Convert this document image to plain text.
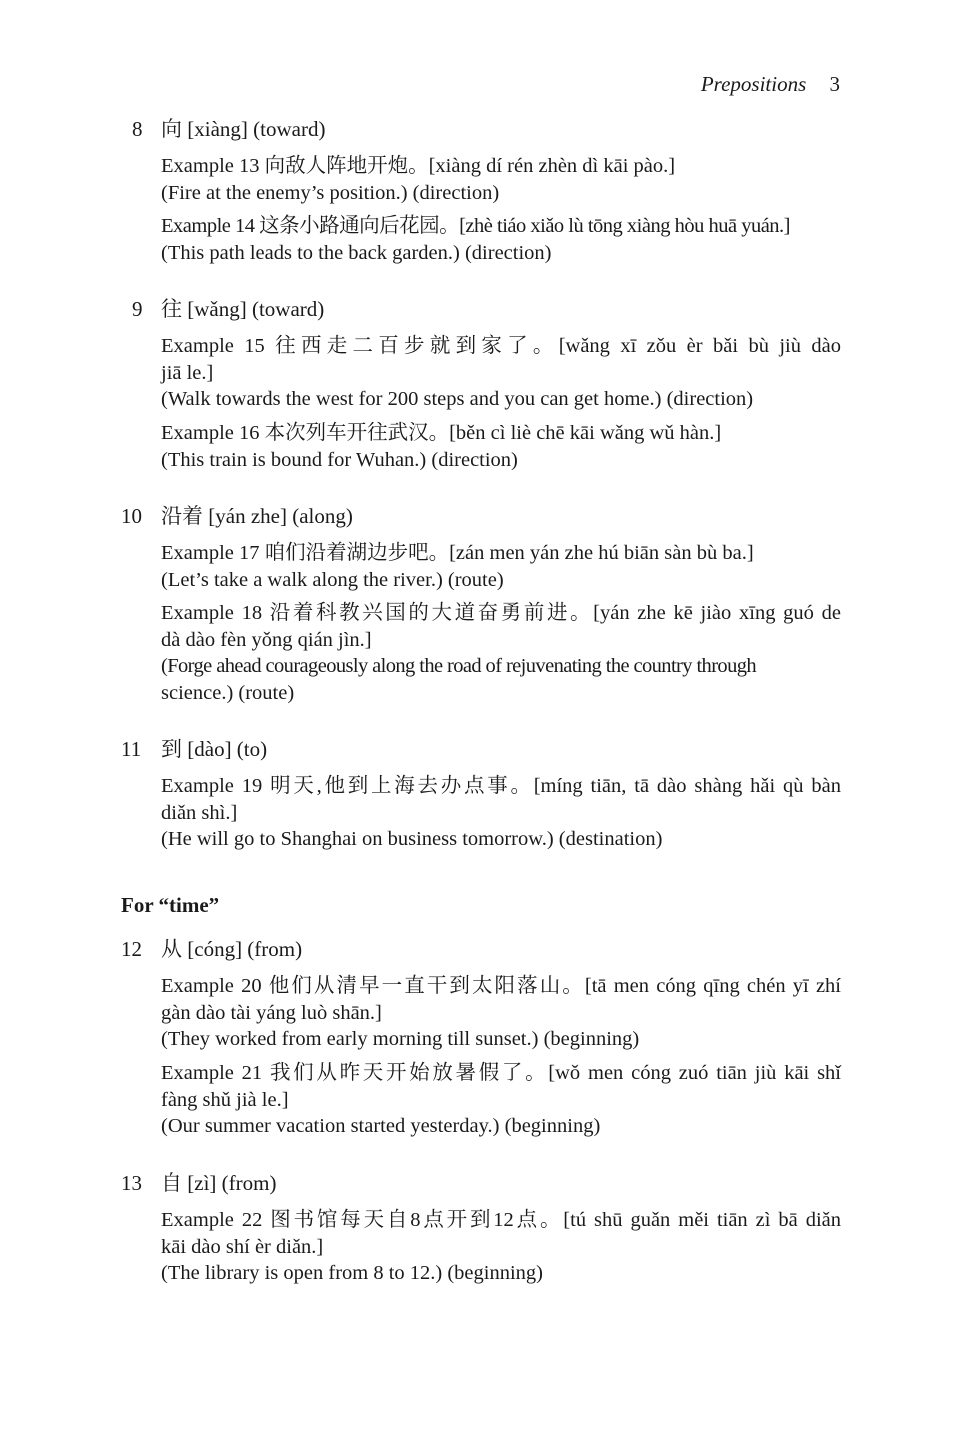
Prepositions 3
8 向 [xiàng] (toward)
Example 13 向敌人阵地开炮。[xiàng dí rén zhèn dì kāi pào.]
(Fire at the enemy’s position.) (direction)
Example 14 这条小路通向后花园。[zhè tiáo xiǎo lù tōng xiàng hòu huā yuán.]
(This path leads to the back garden.) (direction)
9 往 [wǎng] (toward)
Example 15 往西走二百步就到家了。[wǎng xī zǒu èr bǎi bù jiù dào
jiā le.]
(Walk towards the west for 200 steps and you can get home.) (direction)
Example 16 本次列车开往武汉。[běn cì liè chē kāi wǎng wǔ hàn.]
(This train is bound for Wuhan.) (direction)
10 沿着 [yán zhe] (along)
Example 17 咱们沿着湖边步吧。[zán men yán zhe hú biān sàn bù ba.]
(Let’s take a walk along the river.) (route)
Example 18 沿着科教兴国的大道奋勇前进。[yán zhe kē jiào xīng guó de
dà dào fèn yǒng qián jìn.]
(Forge ahead courageously along the road of rejuvenating the country through
science.) (route)
11 到 [dào] (to)
Example 19 明天,他到上海去办点事。[míng tiān, tā dào shàng hǎi qù bàn
diǎn shì.]
(He will go to Shanghai on business tomorrow.) (destination)
For “time”
12 从 [cóng] (from)
Example 20 他们从清早一直干到太阳落山。[tā men cóng qīng chén yī zhí
gàn dào tài yáng luò shān.]
(They worked from early morning till sunset.) (beginning)
Example 21 我们从昨天开始放暑假了。[wǒ men cóng zuó tiān jiù kāi shǐ
fàng shǔ jià le.]
(Our summer vacation started yesterday.) (beginning)
13 自 [zì] (from)
Example 22 图书馆每天自8点开到12点。[tú shū guǎn měi tiān zì bā diǎn
kāi dào shí èr diǎn.]
(The library is open from 8 to 12.) (beginning)
